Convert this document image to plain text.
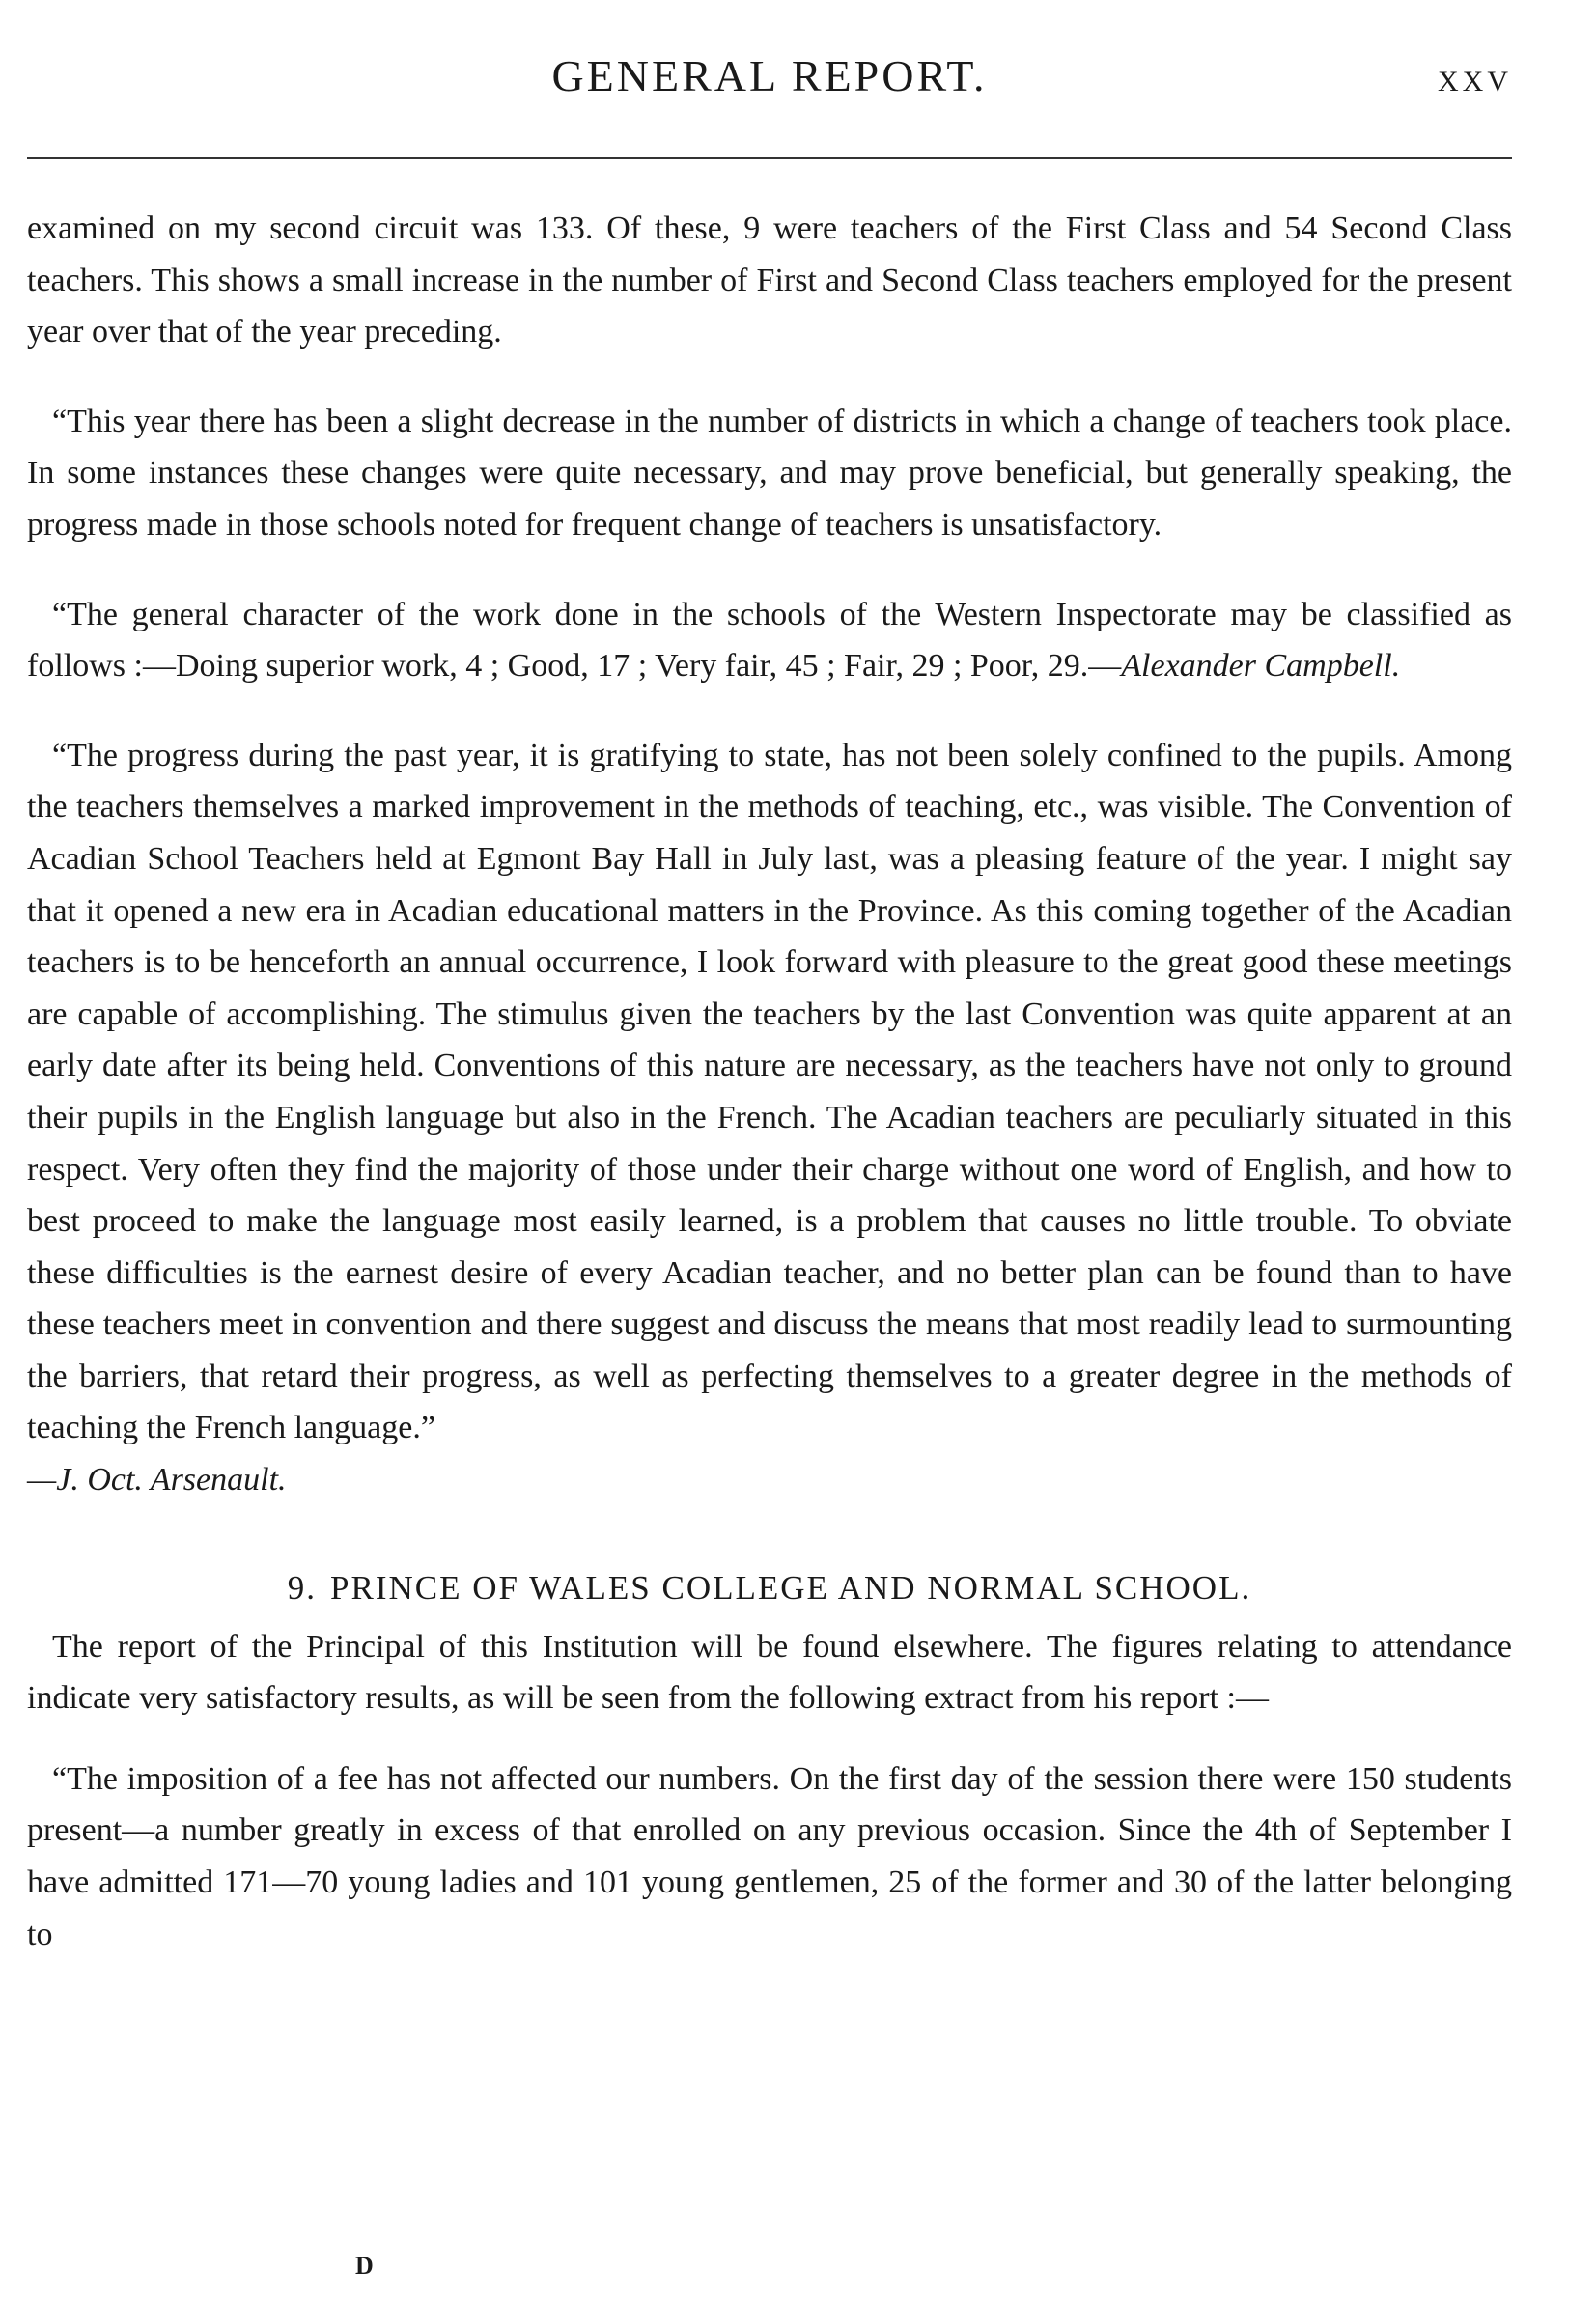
GENERAL REPORT.	XXV

examined on my second circuit was 133. Of these, 9 were teachers of the First Class and 54 Second Class teachers. This shows a small increase in the number of First and Second Class teachers employed for the present year over that of the year preceding.

“This year there has been a slight decrease in the number of districts in which a change of teachers took place. In some instances these changes were quite necessary, and may prove beneficial, but generally speaking, the progress made in those schools noted for frequent change of teachers is unsatisfactory.

“The general character of the work done in the schools of the Western Inspectorate may be classified as follows :—Doing superior work, 4 ; Good, 17 ; Very fair, 45 ; Fair, 29 ; Poor, 29.—Alexander Campbell.

“The progress during the past year, it is gratifying to state, has not been solely confined to the pupils. Among the teachers themselves a marked improvement in the methods of teaching, etc., was visible. The Convention of Acadian School Teachers held at Egmont Bay Hall in July last, was a pleasing feature of the year. I might say that it opened a new era in Acadian educational matters in the Province. As this coming together of the Acadian teachers is to be henceforth an annual occurrence, I look forward with pleasure to the great good these meetings are capable of accomplishing. The stimulus given the teachers by the last Convention was quite apparent at an early date after its being held. Conventions of this nature are necessary, as the teachers have not only to ground their pupils in the English language but also in the French. The Acadian teachers are peculiarly situated in this respect. Very often they find the majority of those under their charge without one word of English, and how to best proceed to make the language most easily learned, is a problem that causes no little trouble. To obviate these difficulties is the earnest desire of every Acadian teacher, and no better plan can be found than to have these teachers meet in convention and there suggest and discuss the means that most readily lead to surmounting the barriers, that retard their progress, as well as perfecting themselves to a greater degree in the methods of teaching the French language.”
—J. Oct. Arsenault.

9. PRINCE OF WALES COLLEGE AND NORMAL SCHOOL.

The report of the Principal of this Institution will be found elsewhere. The figures relating to attendance indicate very satisfactory results, as will be seen from the following extract from his report :—

“The imposition of a fee has not affected our numbers. On the first day of the session there were 150 students present—a number greatly in excess of that enrolled on any previous occasion. Since the 4th of September I have admitted 171—70 young ladies and 101 young gentlemen, 25 of the former and 30 of the latter belonging to

D
